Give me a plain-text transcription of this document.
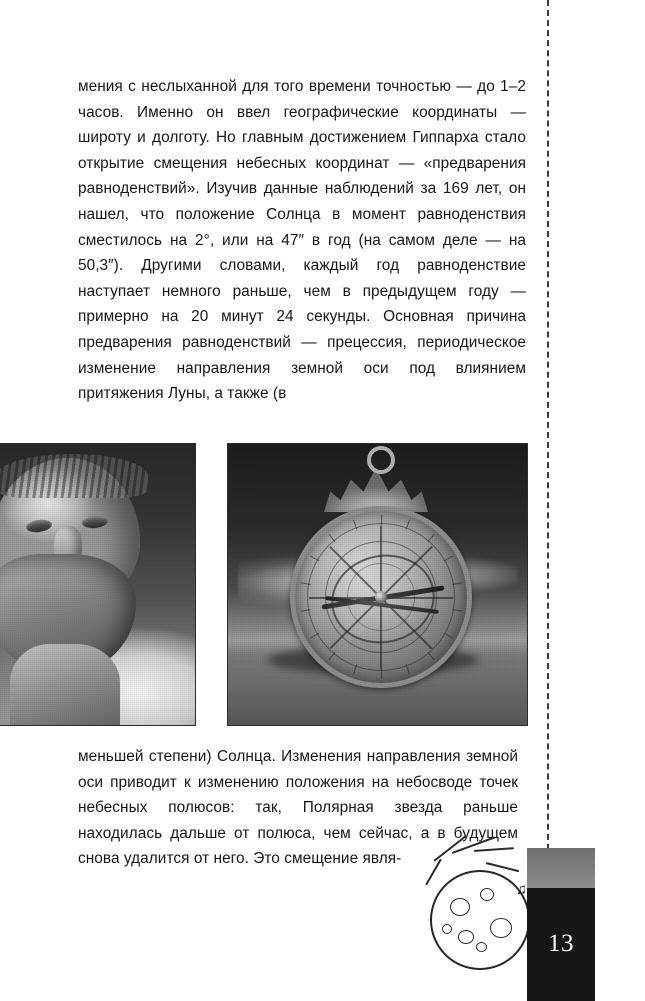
мения с неслыханной для того времени точностью — до 1–2 часов. Именно он ввел географические координаты — широту и долготу. Но главным достижением Гиппарха стало открытие смещения небесных координат — «предварения равноденствий». Изучив данные наблюдений за 169 лет, он нашел, что положение Солнца в момент равноденствия сместилось на 2°, или на 47″ в год (на самом деле — на 50,3″). Другими словами, каждый год равноденствие наступает немного раньше, чем в предыдущем году — примерно на 20 минут 24 секунды. Основная причина предварения равноденствий — прецессия, периодическое изменение направления земной оси под влиянием притяжения Луны, а также (в

меньшей степени) Солнца. Изменения направления земной оси приводит к изменению положения на небосводе точек небесных полюсов: так, Полярная звезда раньше находилась дальше от полюса, чем сейчас, а в будущем снова удалится от него. Это смещение явля-

♫
13
